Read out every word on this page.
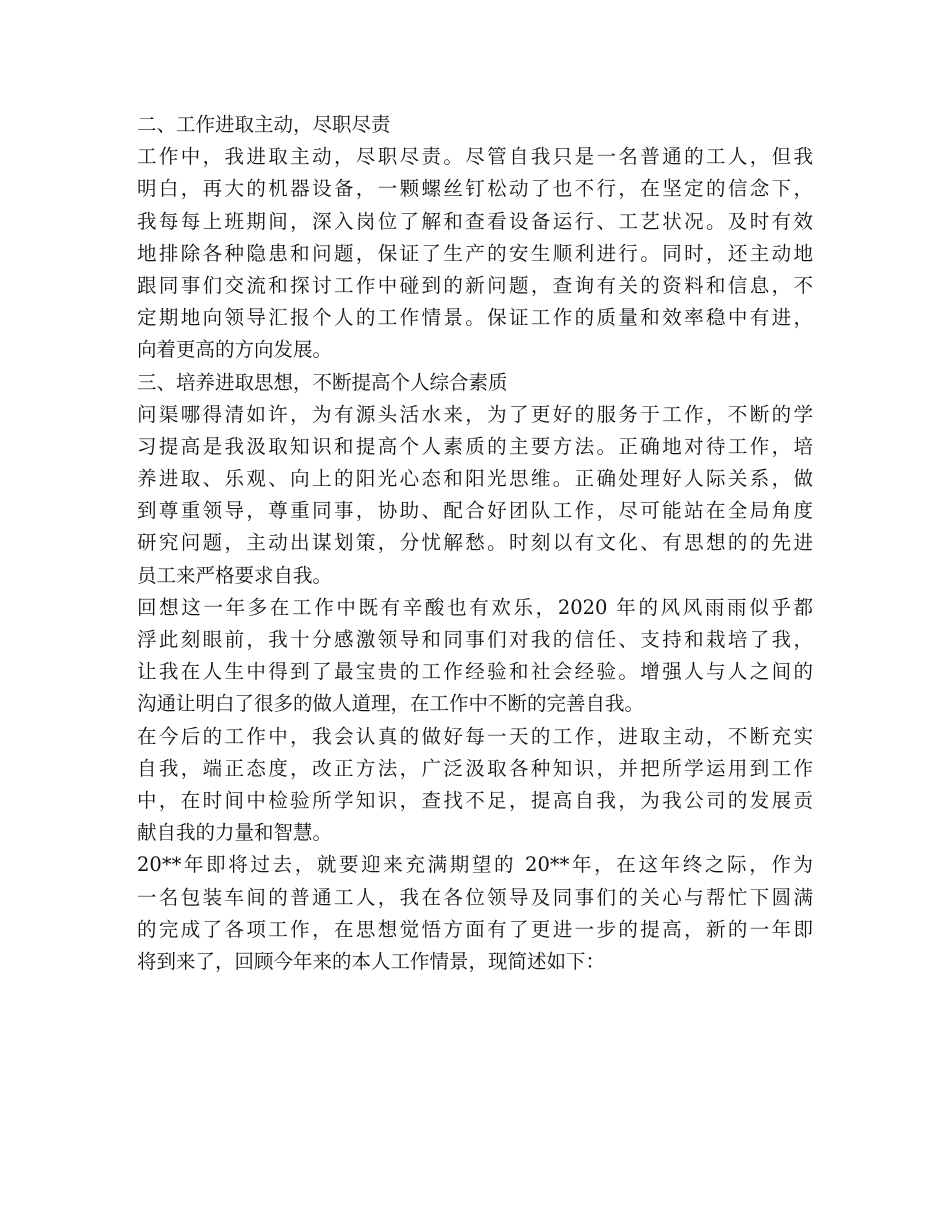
二、工作进取主动，尽职尽责
工作中，我进取主动，尽职尽责。尽管自我只是一名普通的工人，但我
明白，再大的机器设备，一颗螺丝钉松动了也不行，在坚定的信念下，
我每每上班期间，深入岗位了解和查看设备运行、工艺状况。及时有效
地排除各种隐患和问题，保证了生产的安生顺利进行。同时，还主动地
跟同事们交流和探讨工作中碰到的新问题，查询有关的资料和信息，不
定期地向领导汇报个人的工作情景。保证工作的质量和效率稳中有进，
向着更高的方向发展。
三、培养进取思想，不断提高个人综合素质
问渠哪得清如许，为有源头活水来，为了更好的服务于工作，不断的学
习提高是我汲取知识和提高个人素质的主要方法。正确地对待工作，培
养进取、乐观、向上的阳光心态和阳光思维。正确处理好人际关系，做
到尊重领导，尊重同事，协助、配合好团队工作，尽可能站在全局角度
研究问题，主动出谋划策，分忧解愁。时刻以有文化、有思想的的先进
员工来严格要求自我。
回想这一年多在工作中既有辛酸也有欢乐，2020 年的风风雨雨似乎都
浮此刻眼前，我十分感激领导和同事们对我的信任、支持和栽培了我，
让我在人生中得到了最宝贵的工作经验和社会经验。增强人与人之间的
沟通让明白了很多的做人道理，在工作中不断的完善自我。
在今后的工作中，我会认真的做好每一天的工作，进取主动，不断充实
自我，端正态度，改正方法，广泛汲取各种知识，并把所学运用到工作
中，在时间中检验所学知识，查找不足，提高自我，为我公司的发展贡
献自我的力量和智慧。
20**年即将过去，就要迎来充满期望的 20**年，在这年终之际，作为
一名包装车间的普通工人，我在各位领导及同事们的关心与帮忙下圆满
的完成了各项工作，在思想觉悟方面有了更进一步的提高，新的一年即
将到来了，回顾今年来的本人工作情景，现简述如下：
